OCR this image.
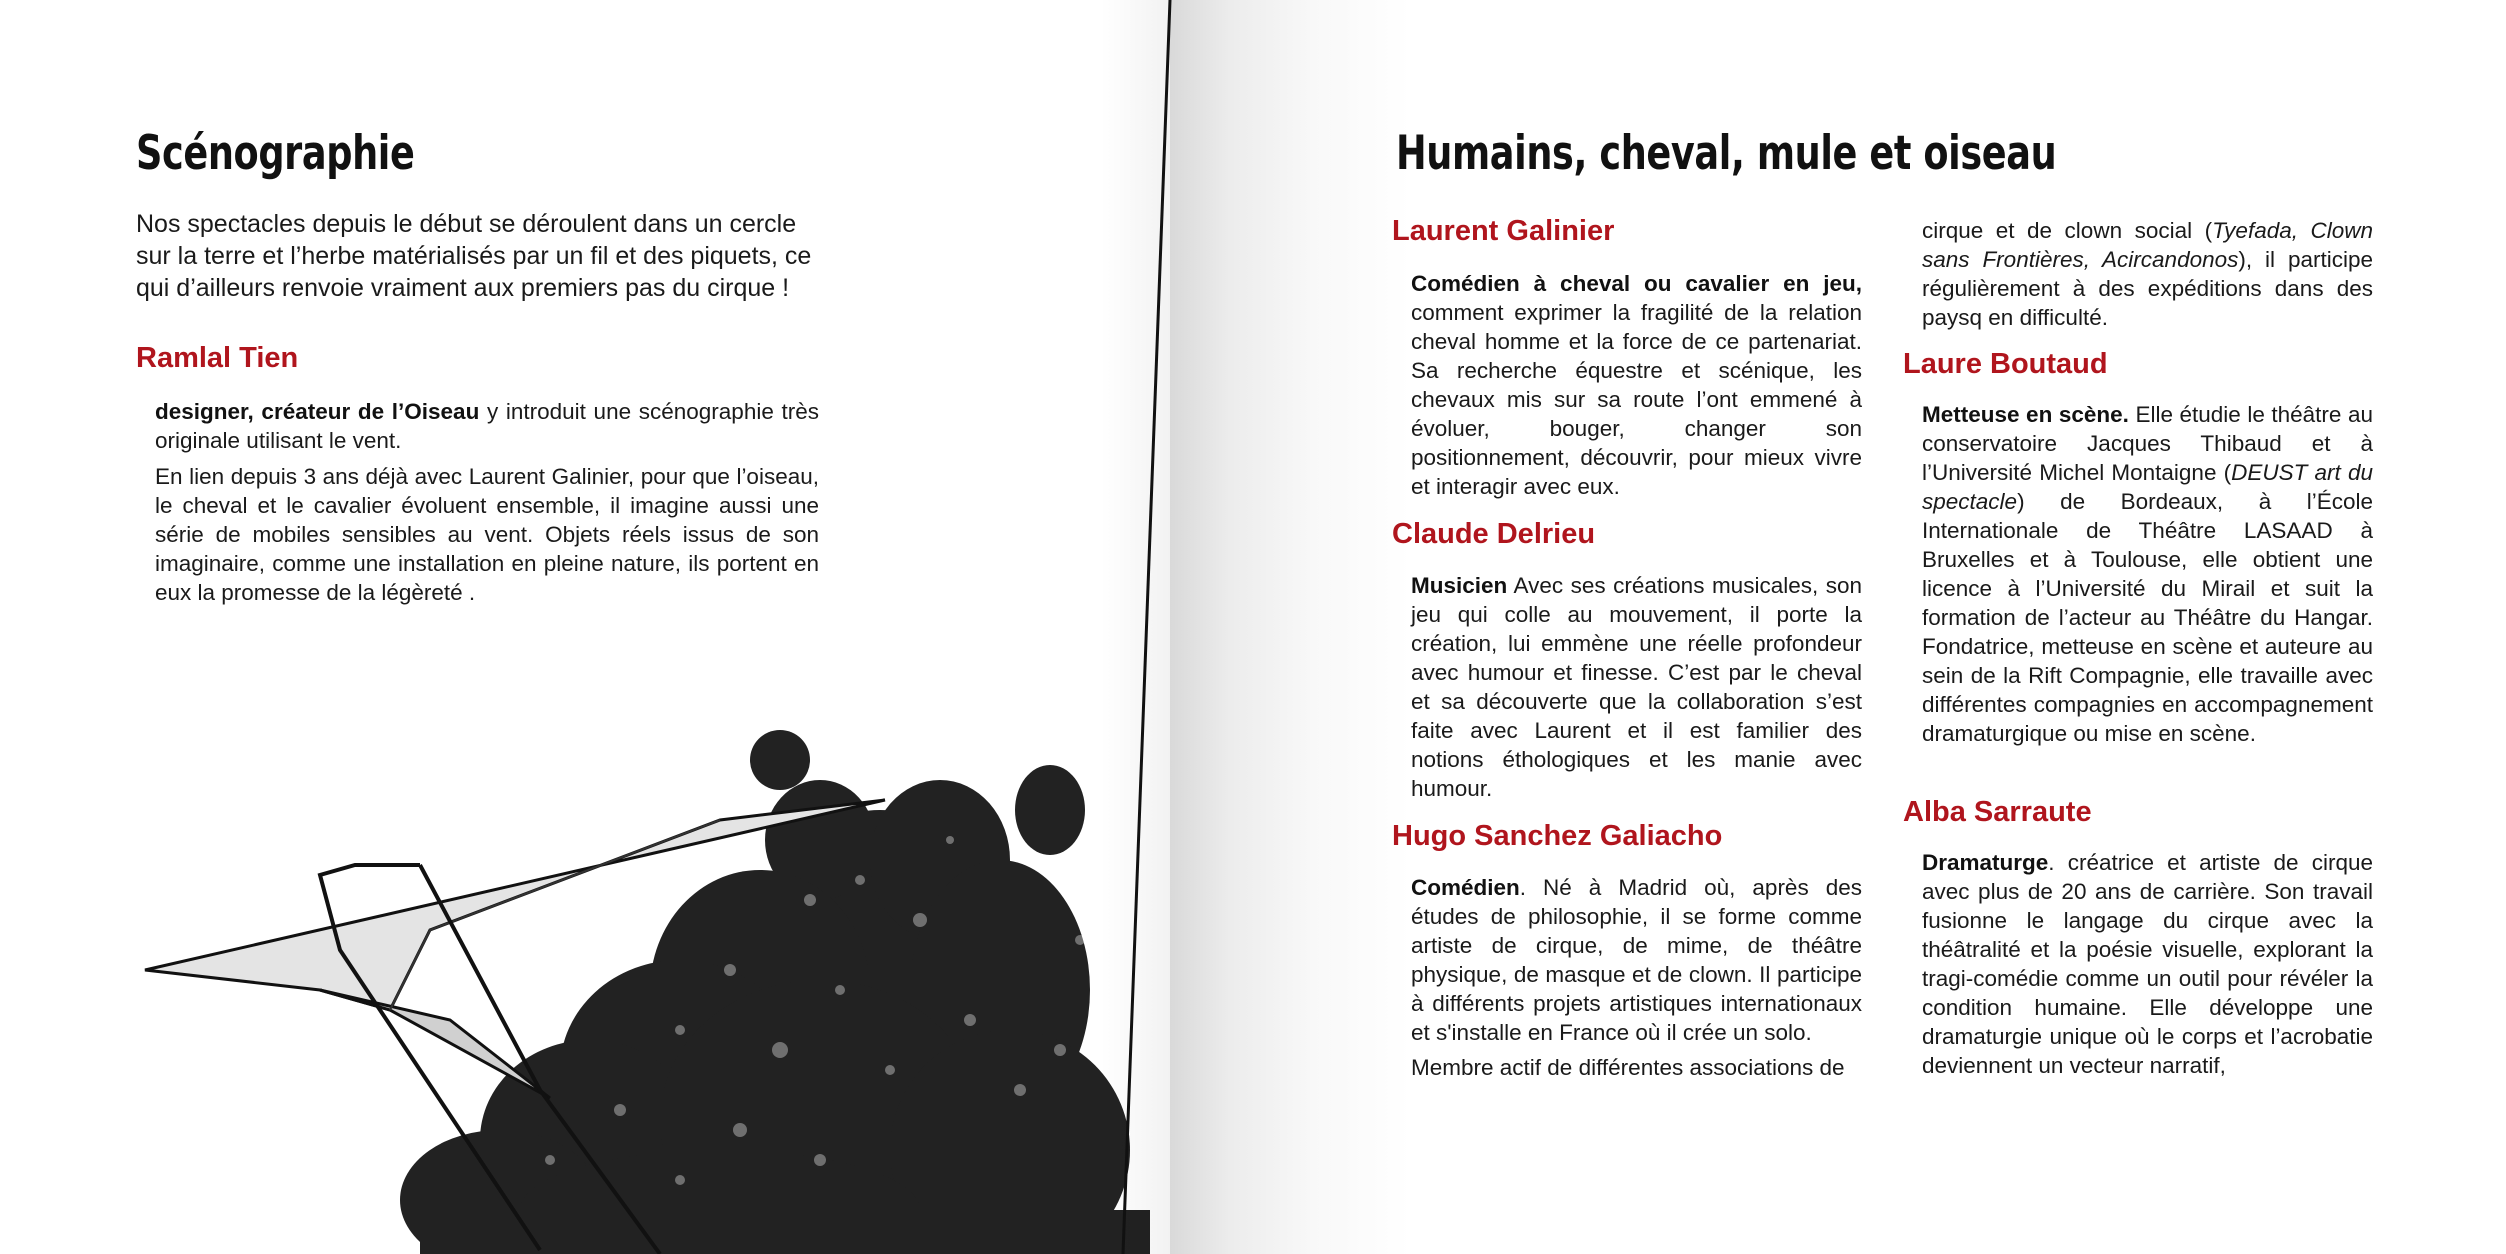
Scénographie

Nos spectacles depuis le début se déroulent dans un cercle sur la terre et l’herbe matérialisés par un fil et des piquets, ce qui d’ailleurs renvoie vraiment aux premiers pas du cirque !

Ramlal Tien

designer, créateur de l’Oiseau y introduit une scénographie très originale utilisant le vent.

En lien depuis 3 ans déjà avec Laurent Galinier, pour que l’oiseau, le cheval et le cavalier évoluent ensemble, il imagine aussi une série de mobiles sensibles au vent. Objets réels issus de son imaginaire, comme une installation en pleine nature, ils portent en eux la promesse de la légèreté .

Humains, cheval, mule et oiseau
Laurent Galinier

Comédien à cheval ou cavalier en jeu, comment exprimer la fragilité de la relation cheval homme et la force de ce partenariat. Sa recherche équestre et scénique, les chevaux mis sur sa route l’ont emmené à évoluer, bouger, changer son positionnement, découvrir, pour mieux vivre et interagir avec eux.

Claude Delrieu

Musicien Avec ses créations musicales, son jeu qui colle au mouvement, il porte la création, lui emmène une réelle profondeur avec humour et finesse. C’est par le cheval et sa découverte que la collaboration s’est faite avec Laurent et il est familier des notions éthologiques et les manie avec humour.

Hugo Sanchez Galiacho

Comédien. Né à Madrid où, après des études de philosophie, il se forme comme artiste de cirque, de mime, de théâtre physique, de masque et de clown. Il participe à différents projets artistiques internationaux et s'installe en France où il crée un solo.

Membre actif de différentes associations de

cirque et de clown social (Tyefada, Clown sans Frontières, Acircandonos), il participe régulièrement à des expéditions dans des paysq en difficulté.

Laure Boutaud

Metteuse en scène. Elle étudie le théâtre au conservatoire Jacques Thibaud et à l’Université Michel Montaigne (DEUST art du spectacle) de Bordeaux, à l’École Internationale de Théâtre LASAAD à Bruxelles et à Toulouse, elle obtient une licence à l’Université du Mirail et suit la formation de l’acteur au Théâtre du Hangar. Fondatrice, metteuse en scène et auteure au sein de la Rift Compagnie, elle travaille avec différentes compagnies en accompagnement dramaturgique ou mise en scène.

Alba Sarraute

Dramaturge. créatrice et artiste de cirque avec plus de 20 ans de carrière. Son travail fusionne le langage du cirque avec la théâtralité et la poésie visuelle, explorant la tragi-comédie comme un outil pour révéler la condition humaine. Elle développe une dramaturgie unique où le corps et l’acrobatie deviennent un vecteur narratif,
